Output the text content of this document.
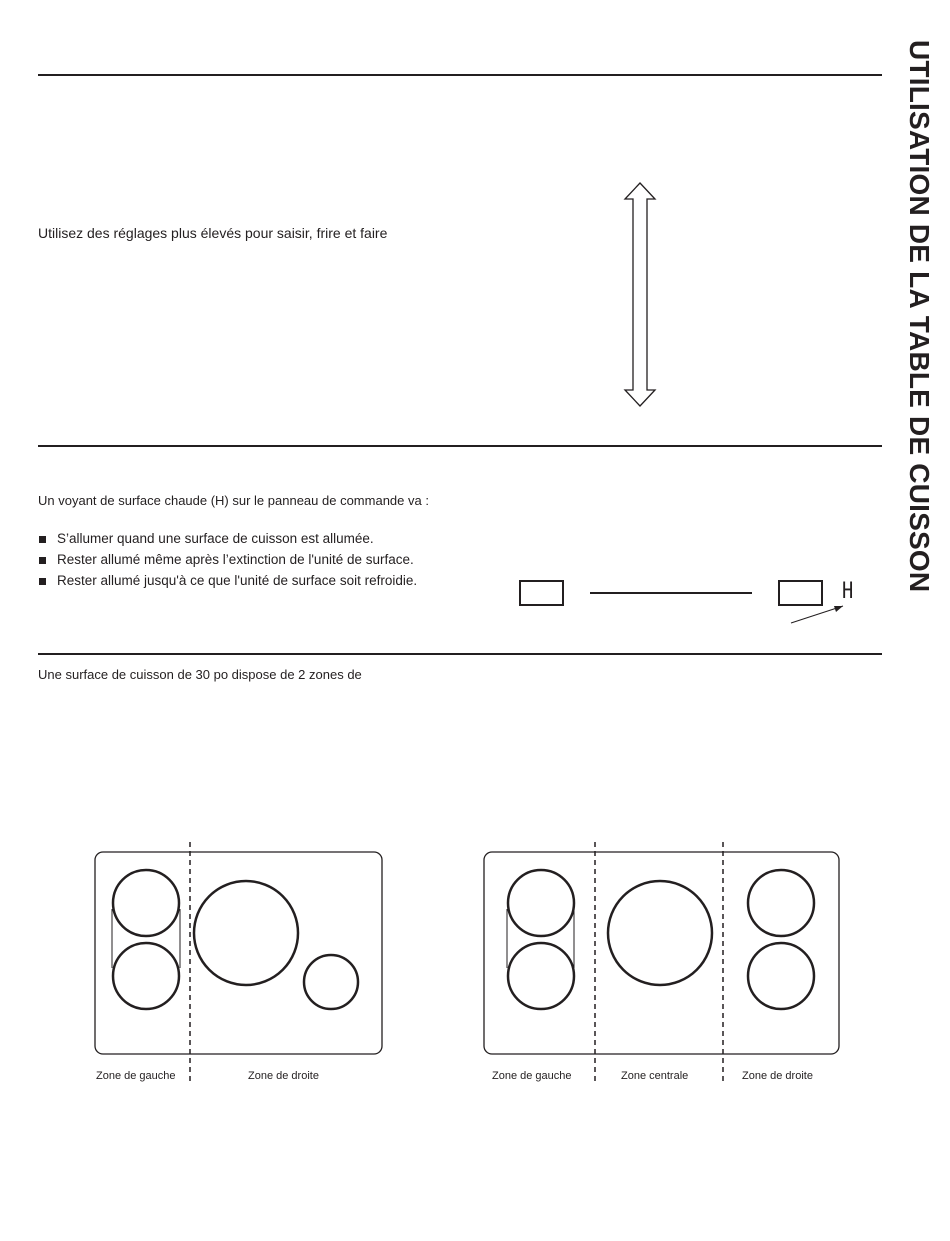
UTILISATION DE LA TABLE DE CUISSON
Utilisez des réglages plus élevés pour saisir, frire et faire
Un voyant de surface chaude (H) sur le panneau de commande va :
S’allumer quand une surface de cuisson est allumée.
Rester allumé même après l’extinction de l'unité de surface.
Rester allumé jusqu'à ce que l'unité de surface soit refroidie.	H
Une surface de cuisson de 30 po dispose de 2 zones de
Zone de gauche	Zone de droite	Zone de gauche	Zone centrale	Zone de droite
